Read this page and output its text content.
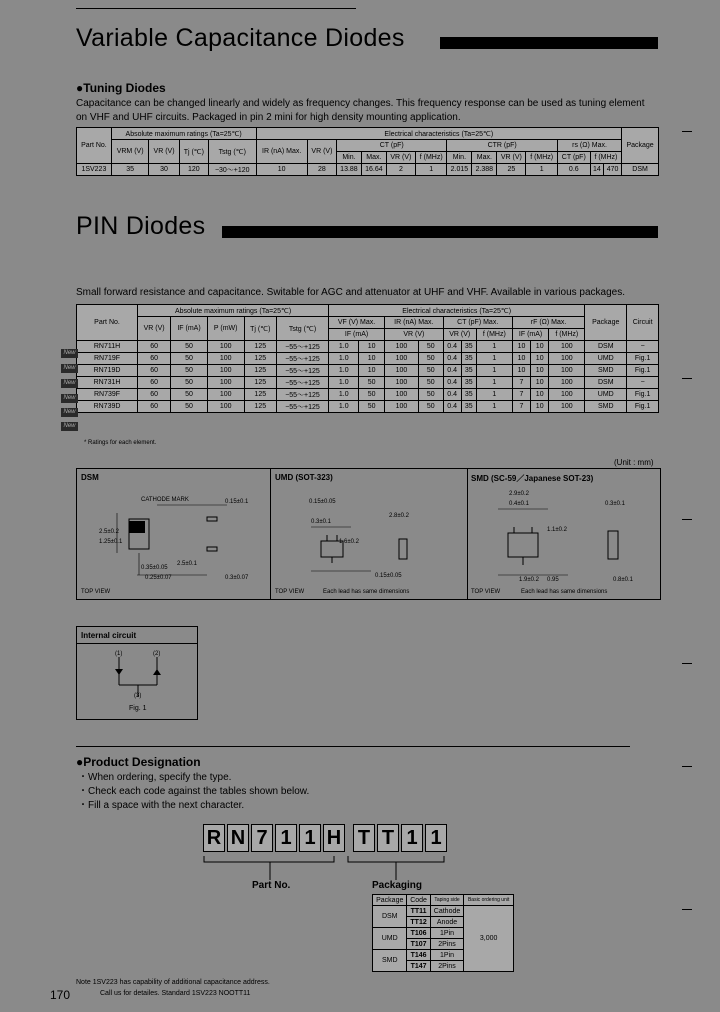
Variable Capacitance Diodes
●Tuning Diodes
Capacitance can be changed linearly and widely as frequency changes. This frequency response can be used as tuning element
on VHF and UHF circuits. Packaged in pin 2 mini for high density mounting application.
Part No.	Absolute maximum ratings (Ta=25℃)				Electrical characteristics (Ta=25℃)													Package
	VRM (V)	VR (V)	Tj (℃)	Tstg (℃)	IR (nA) Max.	VR (V)	CT (pF)				CTR (pF)				rs (Ω) Max.			
							Min.	Max.	VR (V)	f (MHz)	Min.	Max.	VR (V)	f (MHz)	CT (pF)	f (MHz)		
1SV223	35	30	120	−30〜+120	10	28	13.88	16.64	2	1	2.015	2.388	25	1	0.6	14	470	DSM
PIN Diodes
Small forward resistance and capacitance. Switable for AGC and attenuator at UHF and VHF. Available in various packages.
Part No.	Absolute maximum ratings (Ta=25℃)					Electrical characteristics (Ta=25℃)										Package	Circuit
	VR (V)	IF (mA)	P (mW)	Tj (℃)	Tstg (℃)	VF (V) Max.		IR (nA) Max.		CT (pF) Max.			rF (Ω) Max.				
						IF (mA)		VR (V)		VR (V)		f (MHz)	IF (mA)		f (MHz)		
RN711H	60	50	100	125	−55〜+125	1.0	10	100	50	0.4	35	1	10	10	100	DSM	−
RN719F	60	50	100	125	−55〜+125	1.0	10	100	50	0.4	35	1	10	10	100	UMD	Fig.1
RN719D	60	50	100	125	−55〜+125	1.0	10	100	50	0.4	35	1	10	10	100	SMD	Fig.1
RN731H	60	50	100	125	−55〜+125	1.0	50	100	50	0.4	35	1	7	10	100	DSM	−
RN739F	60	50	100	125	−55〜+125	1.0	50	100	50	0.4	35	1	7	10	100	UMD	Fig.1
RN739D	60	50	100	125	−55〜+125	1.0	50	100	50	0.4	35	1	7	10	100	SMD	Fig.1
New
New
New
New
New
New
* Ratings for each element.
(Unit : mm)
DSM	UMD (SOT-323)	SMD (SC-59／Japanese SOT-23)
CATHODE MARK	0.15±0.1
2.5±0.2
1.25±0.1
2.5±0.1
0.35±0.05
0.25±0.07	0.3±0.07
TOP VIEW
0.15±0.05
0.3±0.1
2.8±0.2
1.6±0.2
0.15±0.05
TOP VIEW	Each lead has same dimensions
2.9±0.2
0.4±0.1
1.1±0.2
0.3±0.1
1.9±0.2 0.95	0.8±0.1
TOP VIEW	Each lead has same dimensions
Internal circuit
(1)	(2)
(3)
Fig. 1
●Product Designation
・When ordering, specify the type.
・Check each code against the tables shown below.
・Fill a space with the next character.
R N 7 1 1 H T T 1 1
Part No.	Packaging
Package	Code	Taping side	Basic ordering unit
DSM	TT11	Cathode	3,000
	TT12	Anode	
UMD	T106	1Pin	
	T107	2Pins	
SMD	T146	1Pin	
	T147	2Pins	
Note 1SV223 has capability of additional capacitance address.
170	Call us for detailes. Standard 1SV223 NOOTT11
